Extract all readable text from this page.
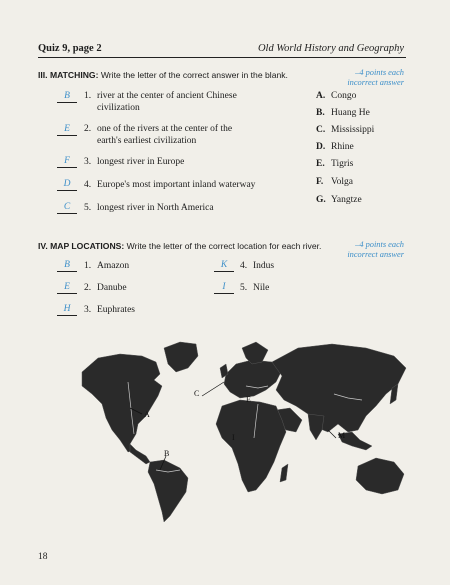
Quiz 9, page 2	Old World History and Geography
III. MATCHING: Write the letter of the correct answer in the blank.	–4 points each
incorrect answer
B	1. river at the center of ancient Chinese
civilization
E	2. one of the rivers at the center of the
earth's earliest civilization
F	3. longest river in Europe
D	4. Europe's most important inland waterway
C	5. longest river in North America
A. Congo
B. Huang He
C. Mississippi
D. Rhine
E. Tigris
F. Volga
G. Yangtze
IV. MAP LOCATIONS: Write the letter of the correct location for each river.	–4 points each
incorrect answer
B	1. Amazon
E	2. Danube
H	3. Euphrates
K	4. Indus
I	5. Nile
A
B
C
E
I	M
18
